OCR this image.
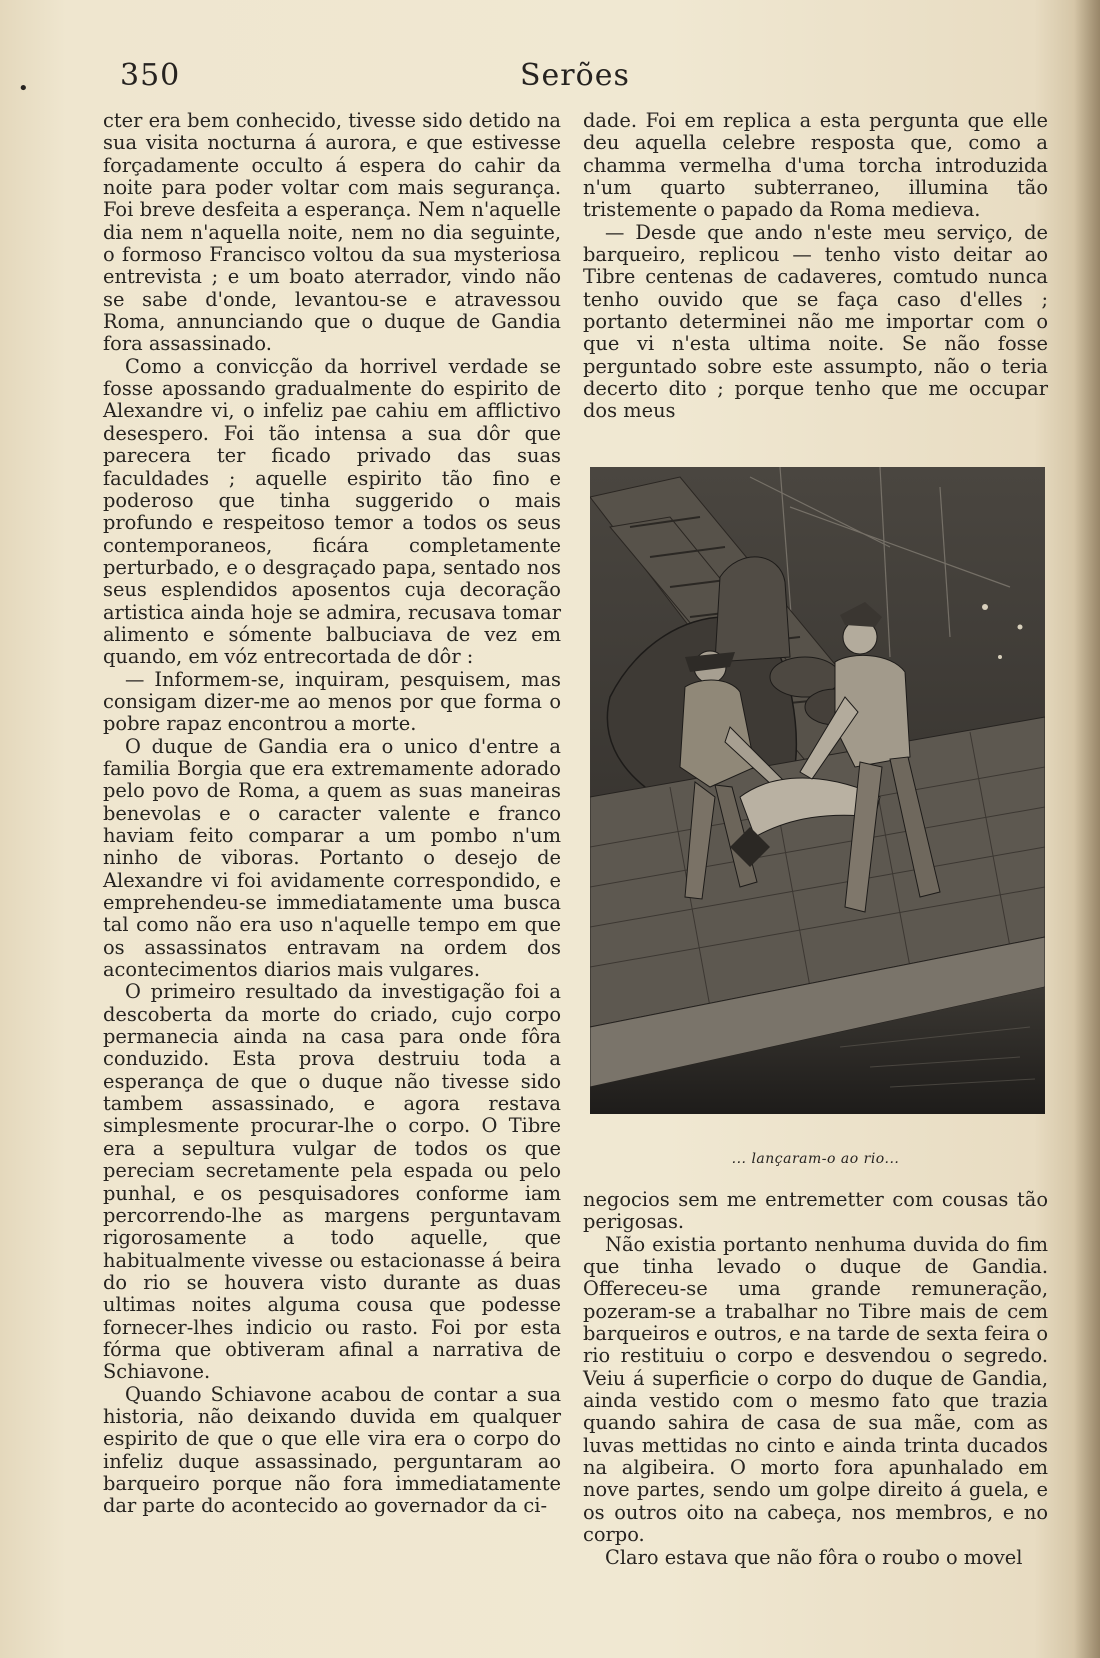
•	350	Serões

cter era bem conhecido, tivesse sido detido na sua visita nocturna á aurora, e que estivesse forçadamente occulto á espera do cahir da noite para poder voltar com mais segurança. Foi breve desfeita a esperança. Nem n'aquelle dia nem n'aquella noite, nem no dia seguinte, o formoso Francisco voltou da sua mysteriosa entrevista ; e um boato aterrador, vindo não se sabe d'onde, levantou-se e atravessou Roma, annunciando que o duque de Gandia fora assassinado.

Como a convicção da horrivel verdade se fosse apossando gradualmente do espirito de Alexandre vi, o infeliz pae cahiu em afflictivo desespero. Foi tão intensa a sua dôr que parecera ter ficado privado das suas faculdades ; aquelle espirito tão fino e poderoso que tinha suggerido o mais profundo e respeitoso temor a todos os seus contemporaneos, ficára completamente perturbado, e o desgraçado papa, sentado nos seus esplendidos aposentos cuja decoração artistica ainda hoje se admira, recusava tomar alimento e sómente balbuciava de vez em quando, em vóz entrecortada de dôr :

— Informem-se, inquiram, pesquisem, mas consigam dizer-me ao menos por que forma o pobre rapaz encontrou a morte.

O duque de Gandia era o unico d'entre a familia Borgia que era extremamente adorado pelo povo de Roma, a quem as suas maneiras benevolas e o caracter valente e franco haviam feito comparar a um pombo n'um ninho de viboras. Portanto o desejo de Alexandre vi foi avidamente correspondido, e emprehendeu-se immediatamente uma busca tal como não era uso n'aquelle tempo em que os assassinatos entravam na ordem dos acontecimentos diarios mais vulgares.

O primeiro resultado da investigação foi a descoberta da morte do criado, cujo corpo permanecia ainda na casa para onde fôra conduzido. Esta prova destruiu toda a esperança de que o duque não tivesse sido tambem assassinado, e agora restava simplesmente procurar-lhe o corpo. O Tibre era a sepultura vulgar de todos os que pereciam secretamente pela espada ou pelo punhal, e os pesquisadores conforme iam percorrendo-lhe as margens perguntavam rigorosamente a todo aquelle, que habitualmente vivesse ou estacionasse á beira do rio se houvera visto durante as duas ultimas noites alguma cousa que podesse fornecer-lhes indicio ou rasto. Foi por esta fórma que obtiveram afinal a narrativa de Schiavone.

Quando Schiavone acabou de contar a sua historia, não deixando duvida em qualquer espirito de que o que elle vira era o corpo do infeliz duque assassinado, perguntaram ao barqueiro porque não fora immediatamente dar parte do acontecido ao governador da ci-

dade. Foi em replica a esta pergunta que elle deu aquella celebre resposta que, como a chamma vermelha d'uma torcha introduzida n'um quarto subterraneo, illumina tão tristemente o papado da Roma medieva.

— Desde que ando n'este meu serviço, de barqueiro, replicou — tenho visto deitar ao Tibre centenas de cadaveres, comtudo nunca tenho ouvido que se faça caso d'elles ; portanto determinei não me importar com o que vi n'esta ultima noite. Se não fosse perguntado sobre este assumpto, não o teria decerto dito ; porque tenho que me occupar dos meus

... lançaram-o ao rio...

negocios sem me entremetter com cousas tão perigosas.

Não existia portanto nenhuma duvida do fim que tinha levado o duque de Gandia. Offereceu-se uma grande remuneração, pozeram-se a trabalhar no Tibre mais de cem barqueiros e outros, e na tarde de sexta feira o rio restituiu o corpo e desvendou o segredo. Veiu á superficie o corpo do duque de Gandia, ainda vestido com o mesmo fato que trazia quando sahira de casa de sua mãe, com as luvas mettidas no cinto e ainda trinta ducados na algibeira. O morto fora apunhalado em nove partes, sendo um golpe direito á guela, e os outros oito na cabeça, nos membros, e no corpo.

Claro estava que não fôra o roubo o movel
